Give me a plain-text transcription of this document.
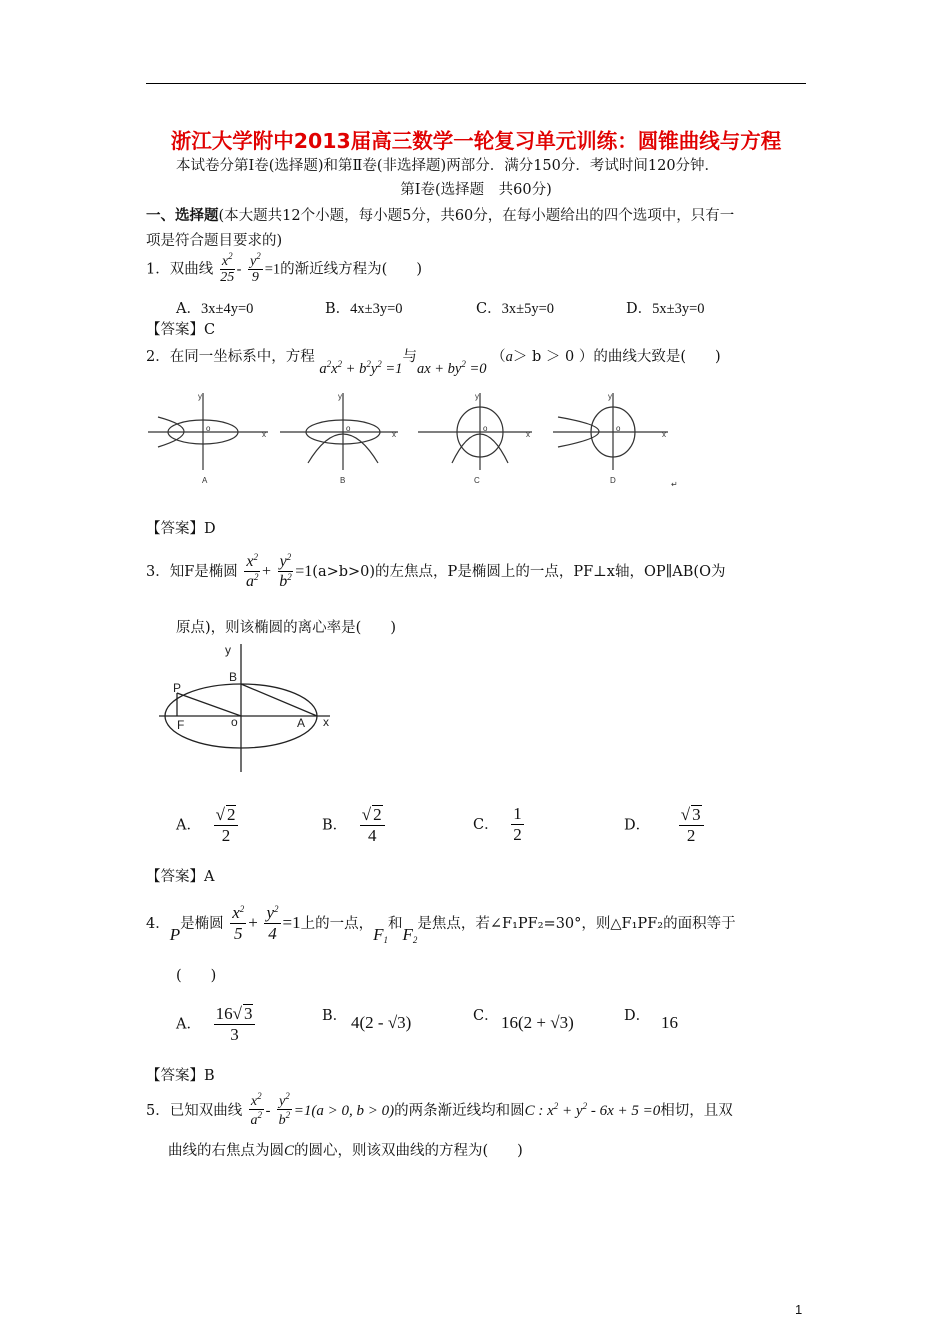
浙江大学附中2013届高三数学一轮复习单元训练：圆锥曲线与方程
本试卷分第Ⅰ卷(选择题)和第Ⅱ卷(非选择题)两部分．满分150分．考试时间120分钟．
第Ⅰ卷(选择题　共60分)
一、选择题(本大题共12个小题，每小题5分，共60分，在每小题给出的四个选项中，只有一
项是符合题目要求的)
1．双曲线 $\frac{x^2}{25} - \frac{y^2}{9} =1$的渐近线方程为(　　)
A．3x±4y=0	B．4x±3y=0	C．3x±5y=0	D．5x±3y=0
【答案】C
2．在同一坐标系中，方程 $a^2x^2 + b^2y^2 =1$与ax + $by^2 =0$ （a＞ b ＞ 0 ）的曲线大致是(　　)
o
y
x
o
y
x
o
y
x
o
y
x
A	B	C	D	↵
【答案】D
3．知F是椭圆 $\frac{x^2}{a^2} + \frac{y^2}{b^2} =1(a>b>0)$的左焦点，P是椭圆上的一点，PF⊥x轴，OP∥AB(O为
原点)，则该椭圆的离心率是(　　)
y
x
P
B
F	o	A
A． $\frac{√ 2}{2}$	B． $\frac{√ 2}{4}$	C． $\frac{1}{2}$	D． $\frac{√ 3}{2}$
【答案】A
4．P是椭圆 $\frac{x^2}{5} + \frac{y^2}{4} =1$上的一点，$F_1$和$F_2$是焦点，若∠F₁PF₂=30°，则△F₁PF₂的面积等于
(　　)
A． $\frac{16√ 3}{3}$	B． 4(2 - √3)	C． 16(2 + √3)	D． 16
【答案】B
5．已知双曲线 $\frac{x^2}{a^2} - \frac{y^2}{b^2} =1(a > 0$, b > 0)的两条渐近线均和圆C : $x^2 + y^2 - 6x + 5 =0$相切，且双
曲线的右焦点为圆C的圆心，则该双曲线的方程为(　　)
1
